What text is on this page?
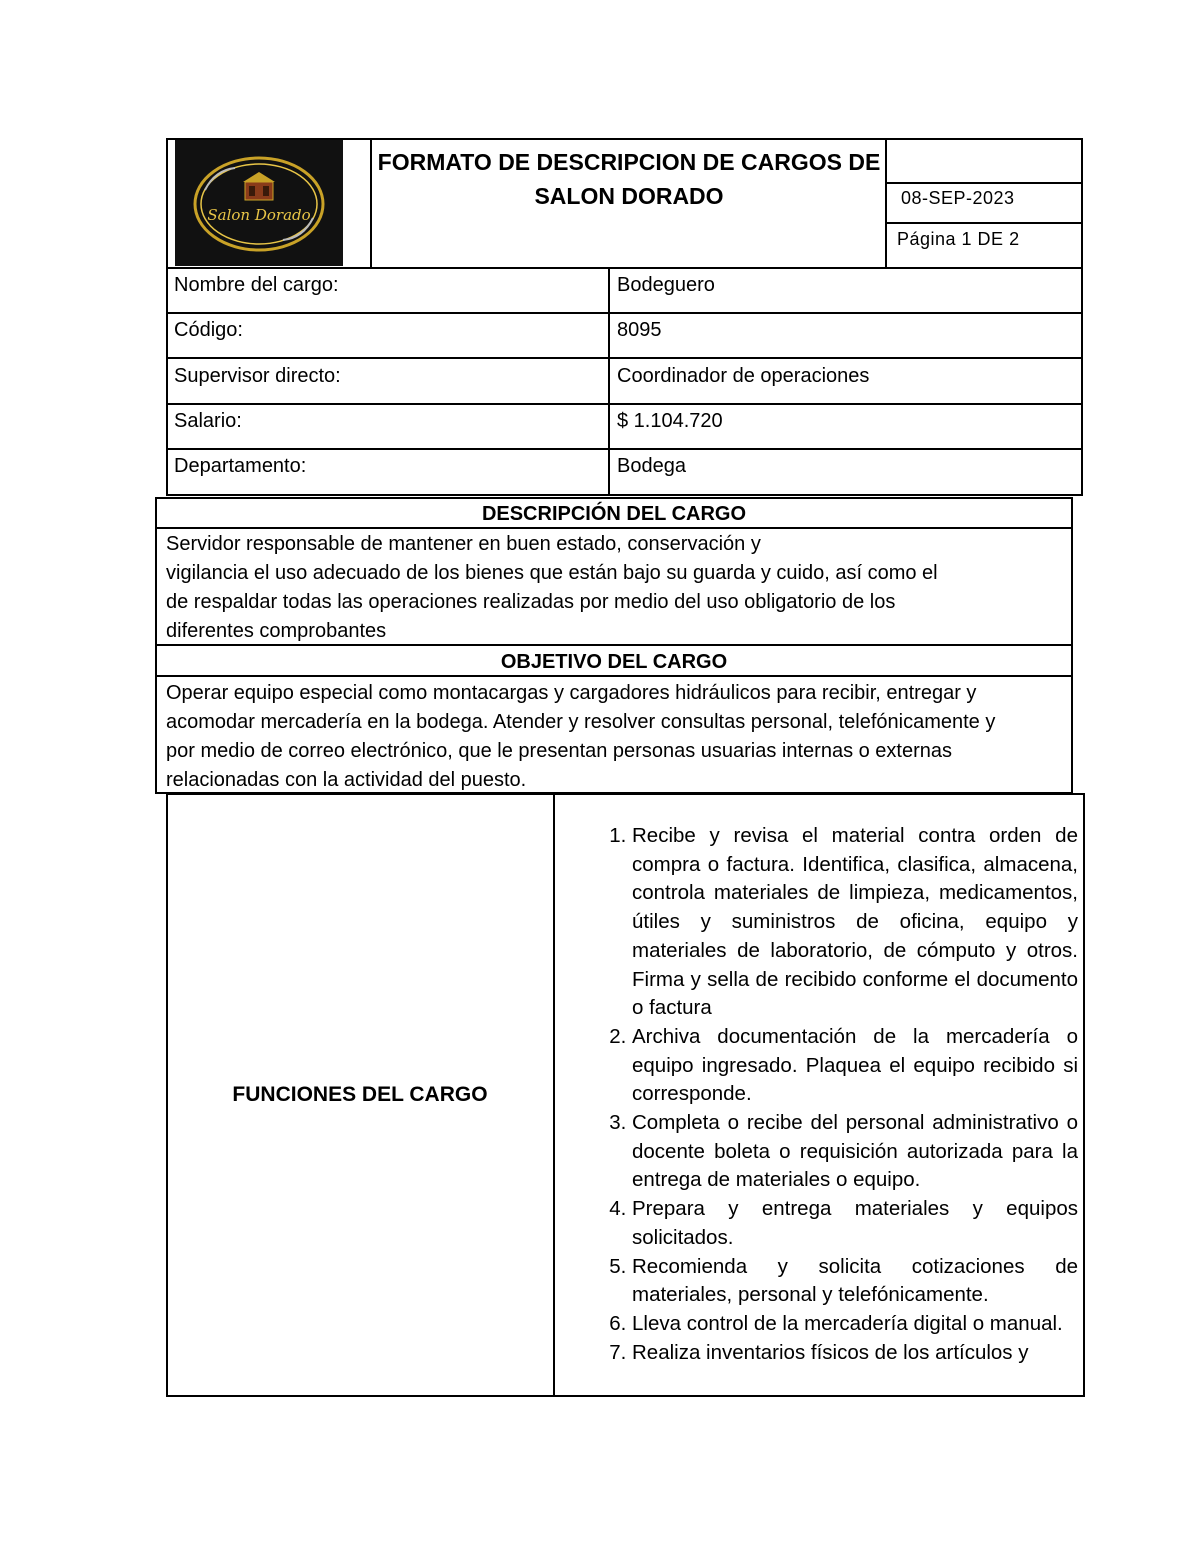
Salon Dorado
FORMATO DE DESCRIPCION DE CARGOS DE SALON DORADO	08-SEP-2023
Página 1 DE 2
Nombre del cargo:	Bodeguero
Código:	8095
Supervisor directo:	Coordinador de operaciones
Salario:	$ 1.104.720
Departamento:	Bodega
DESCRIPCIÓN DEL CARGO
Servidor responsable de mantener en buen estado, conservación y
vigilancia el uso adecuado de los bienes que están bajo su guarda y cuido, así como el
de respaldar todas las operaciones realizadas por medio del uso obligatorio de los
diferentes comprobantes
OBJETIVO DEL CARGO
Operar equipo especial como montacargas y cargadores hidráulicos para recibir, entregar y
acomodar mercadería en la bodega. Atender y resolver consultas personal, telefónicamente y
por medio de correo electrónico, que le presentan personas usuarias internas o externas
relacionadas con la actividad del puesto.
FUNCIONES DEL CARGO
1. Recibe y revisa el material contra orden de compra o factura. Identifica, clasifica, almacena, controla materiales de limpieza, medicamentos, útiles y suministros de oficina, equipo y materiales de laboratorio, de cómputo y otros. Firma y sella de recibido conforme el documento o factura
2. Archiva documentación de la mercadería o equipo ingresado. Plaquea el equipo recibido si corresponde.
3. Completa o recibe del personal administrativo o docente boleta o requisición autorizada para la entrega de materiales o equipo.
4. Prepara y entrega materiales y equipos solicitados.
5. Recomienda y solicita cotizaciones de materiales, personal y telefónicamente.
6. Lleva control de la mercadería digital o manual.
7. Realiza inventarios físicos de los artículos y
